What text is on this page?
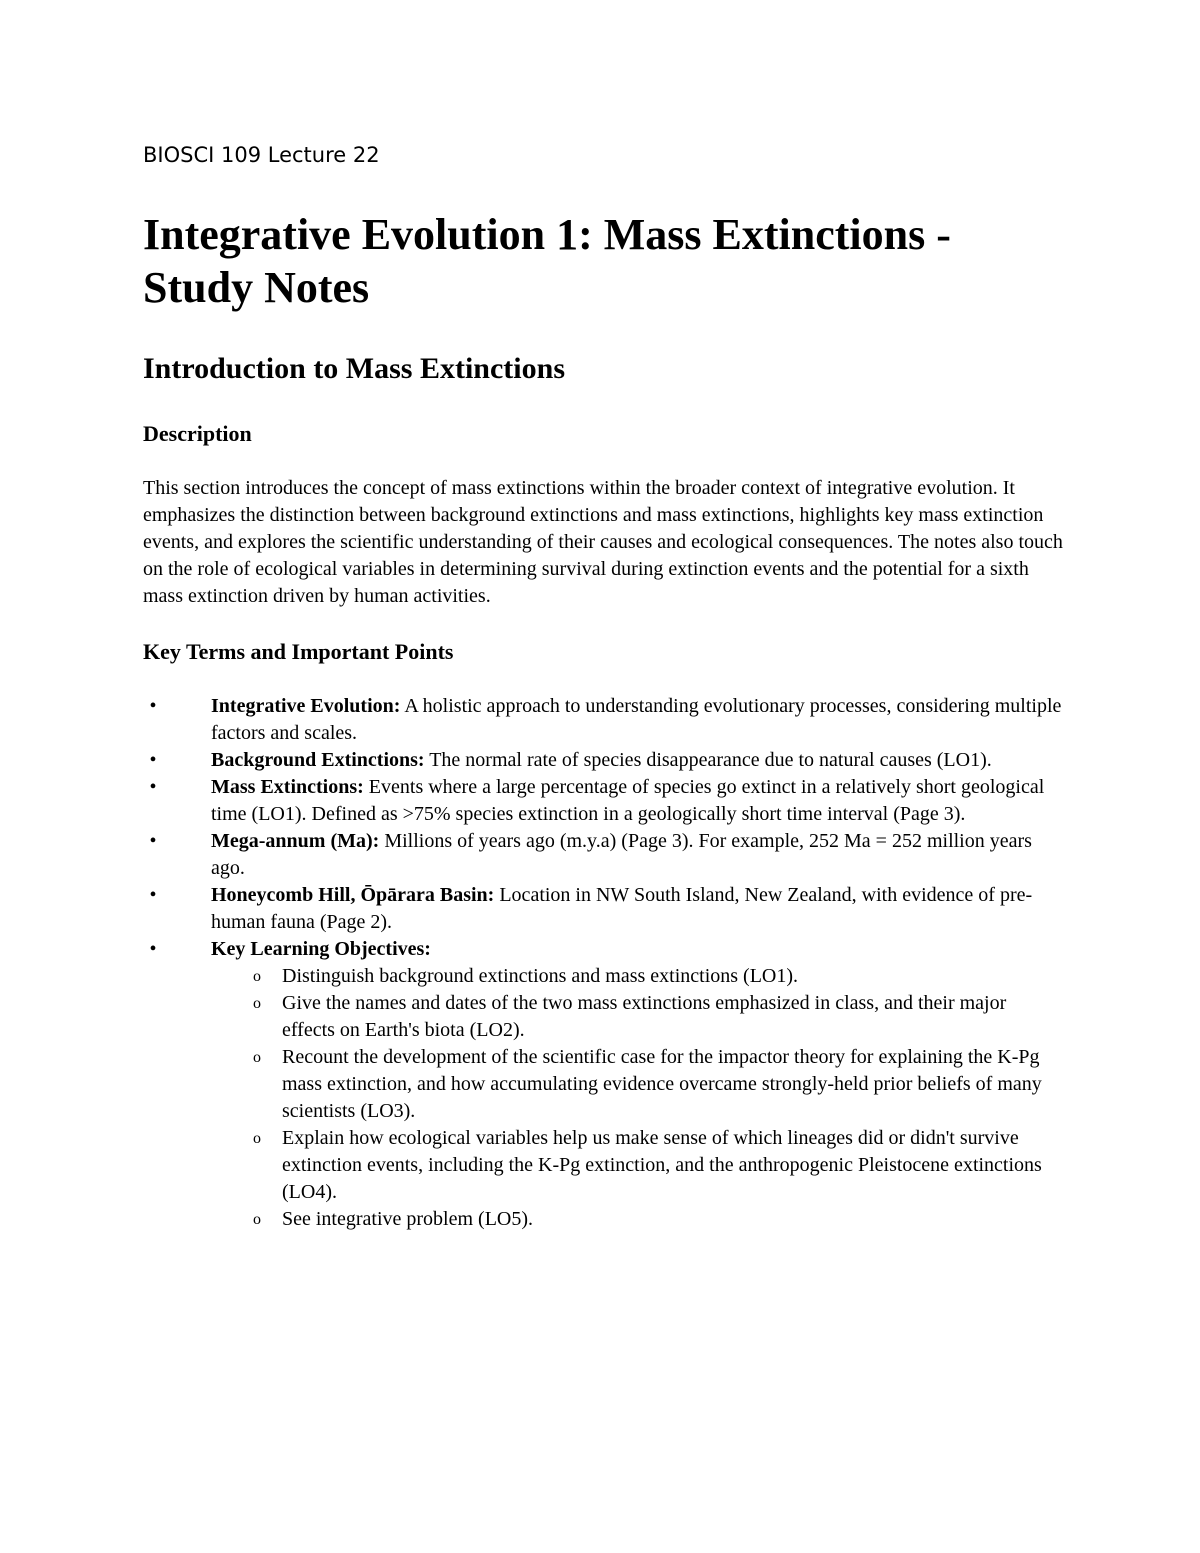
BIOSCI 109 Lecture 22
Integrative Evolution 1: Mass Extinctions - Study Notes
Introduction to Mass Extinctions
Description

This section introduces the concept of mass extinctions within the broader context of integrative evolution. It emphasizes the distinction between background extinctions and mass extinctions, highlights key mass extinction events, and explores the scientific understanding of their causes and ecological consequences. The notes also touch on the role of ecological variables in determining survival during extinction events and the potential for a sixth mass extinction driven by human activities.

Key Terms and Important Points
•	Integrative Evolution: A holistic approach to understanding evolutionary processes, considering multiple factors and scales.
•	Background Extinctions: The normal rate of species disappearance due to natural causes (LO1).
•	Mass Extinctions: Events where a large percentage of species go extinct in a relatively short geological time (LO1). Defined as >75% species extinction in a geologically short time interval (Page 3).
•	Mega-annum (Ma): Millions of years ago (m.y.a) (Page 3). For example, 252 Ma = 252 million years ago.
•	Honeycomb Hill, Ōpārara Basin: Location in NW South Island, New Zealand, with evidence of pre-human fauna (Page 2).
•	Key Learning Objectives:
o	Distinguish background extinctions and mass extinctions (LO1).
o	Give the names and dates of the two mass extinctions emphasized in class, and their major effects on Earth's biota (LO2).
o	Recount the development of the scientific case for the impactor theory for explaining the K-Pg mass extinction, and how accumulating evidence overcame strongly-held prior beliefs of many scientists (LO3).
o	Explain how ecological variables help us make sense of which lineages did or didn't survive extinction events, including the K-Pg extinction, and the anthropogenic Pleistocene extinctions (LO4).
o	See integrative problem (LO5).
